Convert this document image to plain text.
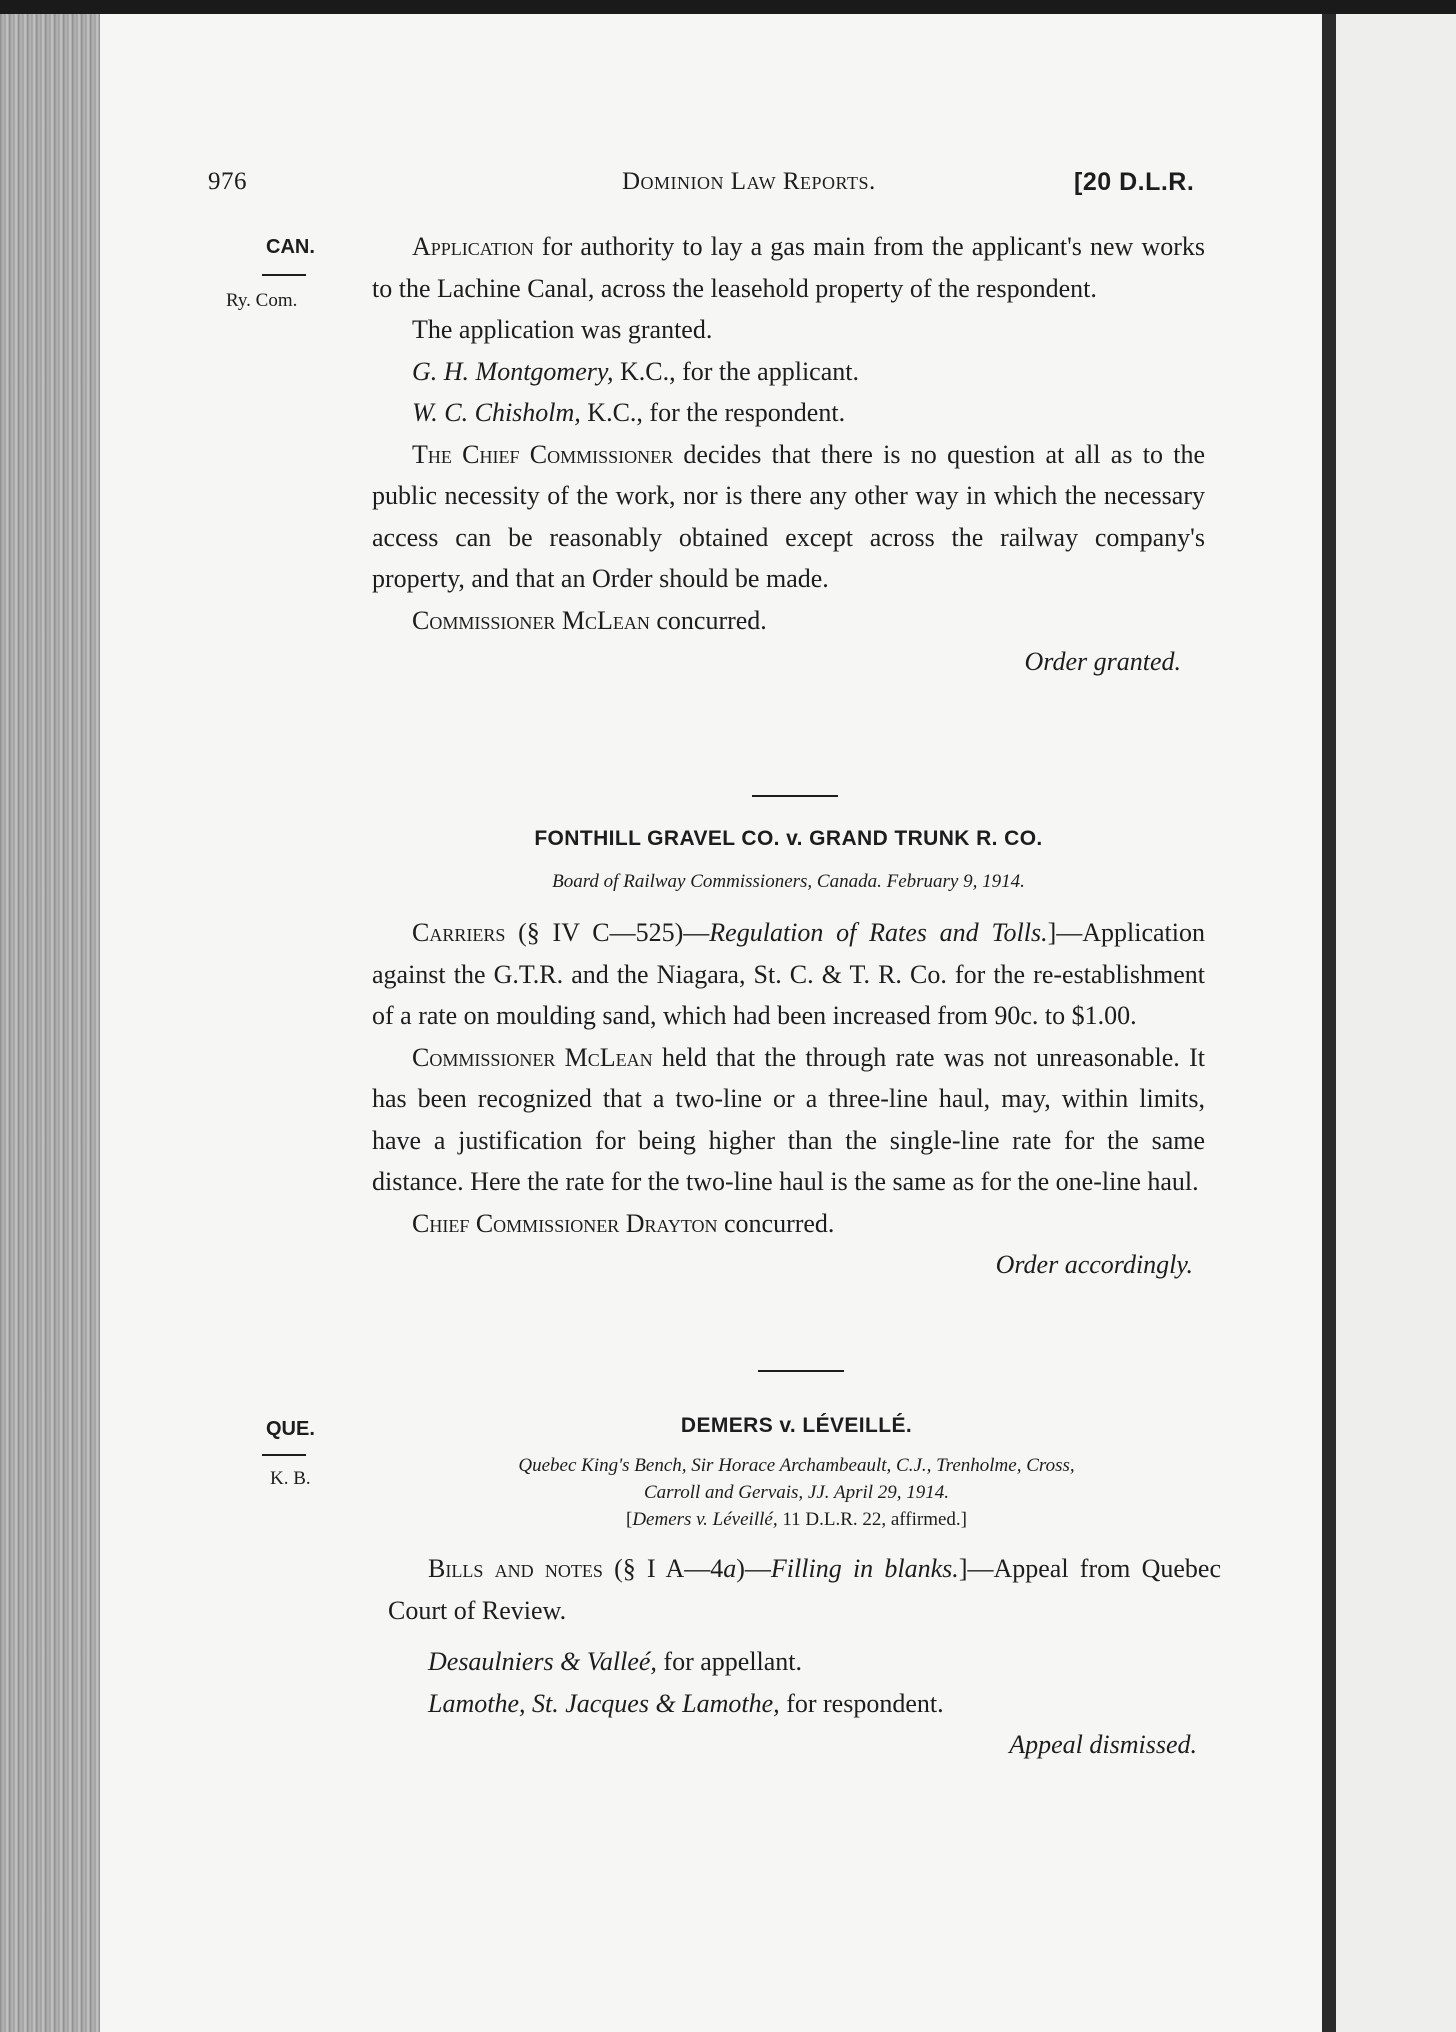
976	Dominion Law Reports.	[20 D.L.R.
CAN.
Ry. Com.

Application for authority to lay a gas main from the applicant's new works to the Lachine Canal, across the leasehold property of the respondent.

The application was granted.

G. H. Montgomery, K.C., for the applicant.

W. C. Chisholm, K.C., for the respondent.

The Chief Commissioner decides that there is no question at all as to the public necessity of the work, nor is there any other way in which the necessary access can be reasonably obtained except across the railway company's property, and that an Order should be made.

Commissioner McLean concurred.

Order granted.

FONTHILL GRAVEL CO. v. GRAND TRUNK R. CO.
Board of Railway Commissioners, Canada. February 9, 1914.

Carriers (§ IV C—525)—Regulation of Rates and Tolls.]—Application against the G.T.R. and the Niagara, St. C. & T. R. Co. for the re-establishment of a rate on moulding sand, which had been increased from 90c. to $1.00.

Commissioner McLean held that the through rate was not unreasonable. It has been recognized that a two-line or a three-line haul, may, within limits, have a justification for being higher than the single-line rate for the same distance. Here the rate for the two-line haul is the same as for the one-line haul.

Chief Commissioner Drayton concurred.

Order accordingly.

QUE.
K. B.
DEMERS v. LÉVEILLÉ.
Quebec King's Bench, Sir Horace Archambeault, C.J., Trenholme, Cross,
Carroll and Gervais, JJ. April 29, 1914.
[Demers v. Léveillé, 11 D.L.R. 22, affirmed.]

Bills and notes (§ I A—4a)—Filling in blanks.]—Appeal from Quebec Court of Review.

Desaulniers & Valleé, for appellant.

Lamothe, St. Jacques & Lamothe, for respondent.

Appeal dismissed.
